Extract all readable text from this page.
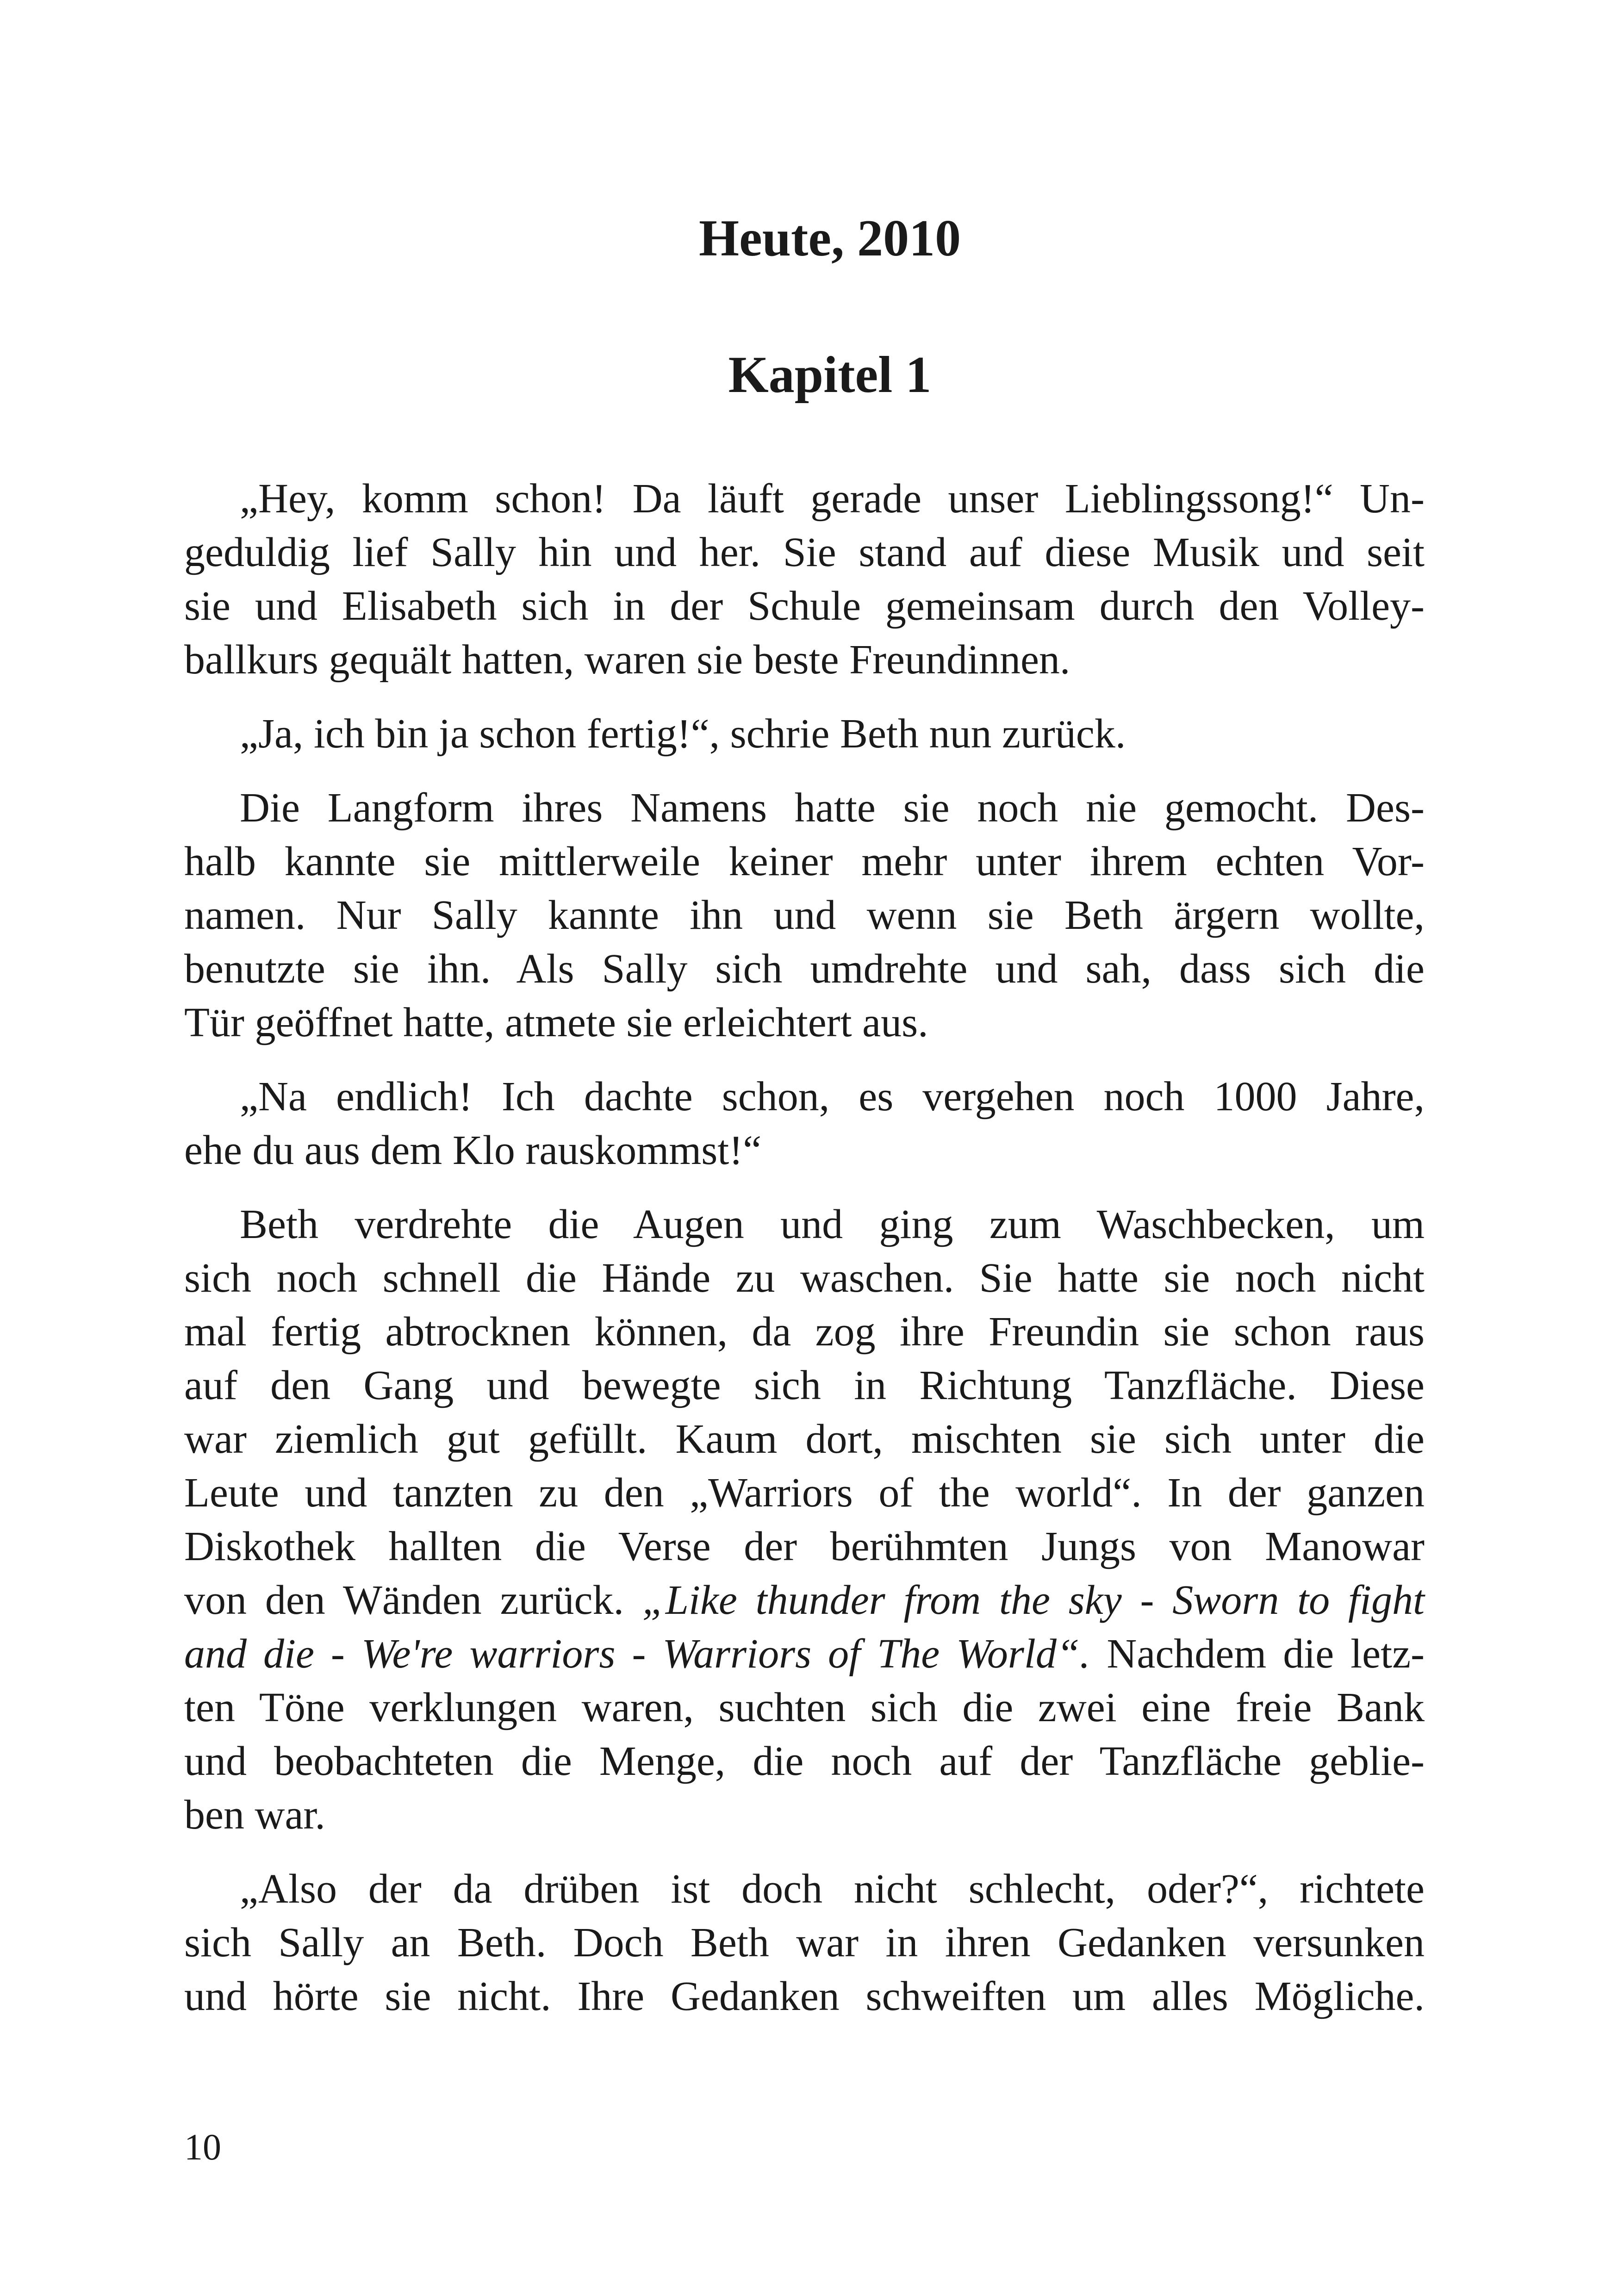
Heute, 2010
Kapitel 1

„Hey, komm schon! Da läuft gerade unser Lieblingssong!“ Un-
geduldig lief Sally hin und her. Sie stand auf diese Musik und seit
sie und Elisabeth sich in der Schule gemeinsam durch den Volley-
ballkurs gequält hatten, waren sie beste Freundinnen.

„Ja, ich bin ja schon fertig!“, schrie Beth nun zurück.

Die Langform ihres Namens hatte sie noch nie gemocht. Des-
halb kannte sie mittlerweile keiner mehr unter ihrem echten Vor-
namen. Nur Sally kannte ihn und wenn sie Beth ärgern wollte,
benutzte sie ihn. Als Sally sich umdrehte und sah, dass sich die
Tür geöffnet hatte, atmete sie erleichtert aus.

„Na endlich! Ich dachte schon, es vergehen noch 1000 Jahre,
ehe du aus dem Klo rauskommst!“

Beth verdrehte die Augen und ging zum Waschbecken, um
sich noch schnell die Hände zu waschen. Sie hatte sie noch nicht
mal fertig abtrocknen können, da zog ihre Freundin sie schon raus
auf den Gang und bewegte sich in Richtung Tanzfläche. Diese
war ziemlich gut gefüllt. Kaum dort, mischten sie sich unter die
Leute und tanzten zu den „Warriors of the world“. In der ganzen
Diskothek hallten die Verse der berühmten Jungs von Manowar
von den Wänden zurück. „Like thunder from the sky - Sworn to fight
and die - We're warriors - Warriors of The World“. Nachdem die letz-
ten Töne verklungen waren, suchten sich die zwei eine freie Bank
und beobachteten die Menge, die noch auf der Tanzfläche geblie-
ben war.

„Also der da drüben ist doch nicht schlecht, oder?“, richtete
sich Sally an Beth. Doch Beth war in ihren Gedanken versunken
und hörte sie nicht. Ihre Gedanken schweiften um alles Mögliche.

10
